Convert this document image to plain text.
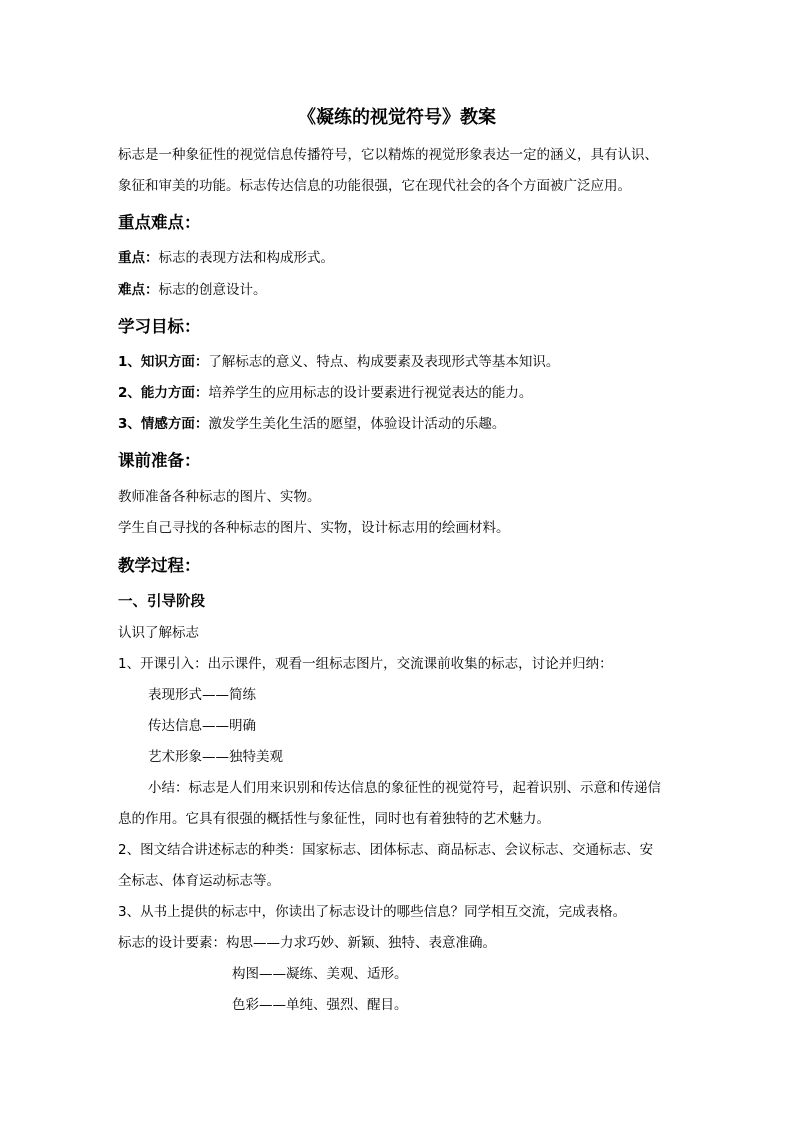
《凝练的视觉符号》教案
标志是一种象征性的视觉信息传播符号，它以精炼的视觉形象表达一定的涵义，具有认识、
象征和审美的功能。标志传达信息的功能很强，它在现代社会的各个方面被广泛应用。
重点难点：
重点：标志的表现方法和构成形式。
难点：标志的创意设计。
学习目标：
1、知识方面：了解标志的意义、特点、构成要素及表现形式等基本知识。
2、能力方面：培养学生的应用标志的设计要素进行视觉表达的能力。
3、情感方面：激发学生美化生活的愿望，体验设计活动的乐趣。
课前准备：
教师准备各种标志的图片、实物。
学生自己寻找的各种标志的图片、实物，设计标志用的绘画材料。
教学过程：
一、引导阶段
认识了解标志
1、开课引入：出示课件，观看一组标志图片，交流课前收集的标志，讨论并归纳：
表现形式——简练
传达信息——明确
艺术形象——独特美观
小结：标志是人们用来识别和传达信息的象征性的视觉符号，起着识别、示意和传递信
息的作用。它具有很强的概括性与象征性，同时也有着独特的艺术魅力。
2、图文结合讲述标志的种类：国家标志、团体标志、商品标志、会议标志、交通标志、安
全标志、体育运动标志等。
3、从书上提供的标志中，你读出了标志设计的哪些信息？同学相互交流，完成表格。
标志的设计要素：构思——力求巧妙、新颖、独特、表意准确。
构图——凝练、美观、适形。
色彩——单纯、强烈、醒目。
